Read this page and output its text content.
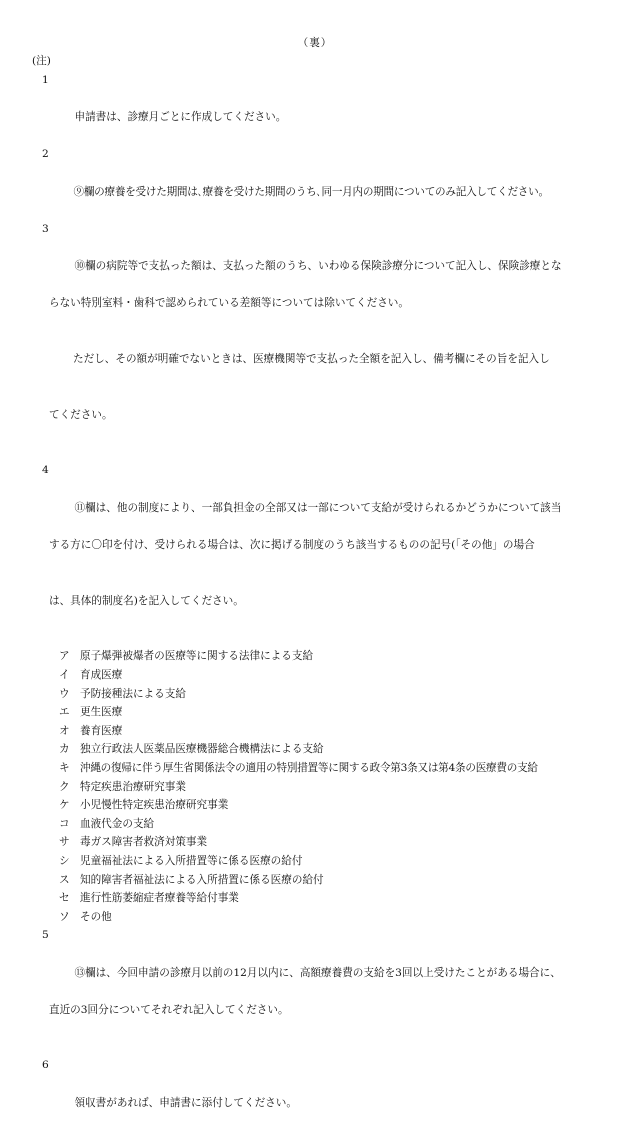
（裏）
(注)

1

申請書は、診療月ごとに作成してください。

2

⑨欄の療養を受けた期間は､療養を受けた期間のうち､同一月内の期間についてのみ記入してください。

3

⑩欄の病院等で支払った額は、支払った額のうち、いわゆる保険診療分について記入し、保険診療とな

らない特別室料・歯科で認められている差額等については除いてください。

ただし、その額が明確でないときは、医療機関等で支払った全額を記入し、備考欄にその旨を記入し

てください。

4

⑪欄は、他の制度により、一部負担金の全部又は一部について支給が受けられるかどうかについて該当

する方に〇印を付け、受けられる場合は、次に掲げる制度のうち該当するものの記号(「その他」の場合

は、具体的制度名)を記入してください。

ア 原子爆弾被爆者の医療等に関する法律による支給
イ 育成医療
ウ 予防接種法による支給
エ 更生医療
オ 養育医療
カ 独立行政法人医薬品医療機器総合機構法による支給
キ 沖縄の復帰に伴う厚生省関係法令の適用の特別措置等に関する政令第3条又は第4条の医療費の支給
ク 特定疾患治療研究事業
ケ 小児慢性特定疾患治療研究事業
コ 血液代金の支給
サ 毒ガス障害者救済対策事業
シ 児童福祉法による入所措置等に係る医療の給付
ス 知的障害者福祉法による入所措置に係る医療の給付
セ 進行性筋萎縮症者療養等給付事業
ソ その他

5

⑬欄は、今回申請の診療月以前の12月以内に、高額療養費の支給を3回以上受けたことがある場合に、

直近の3回分についてそれぞれ記入してください。

6

領収書があれば、申請書に添付してください。
